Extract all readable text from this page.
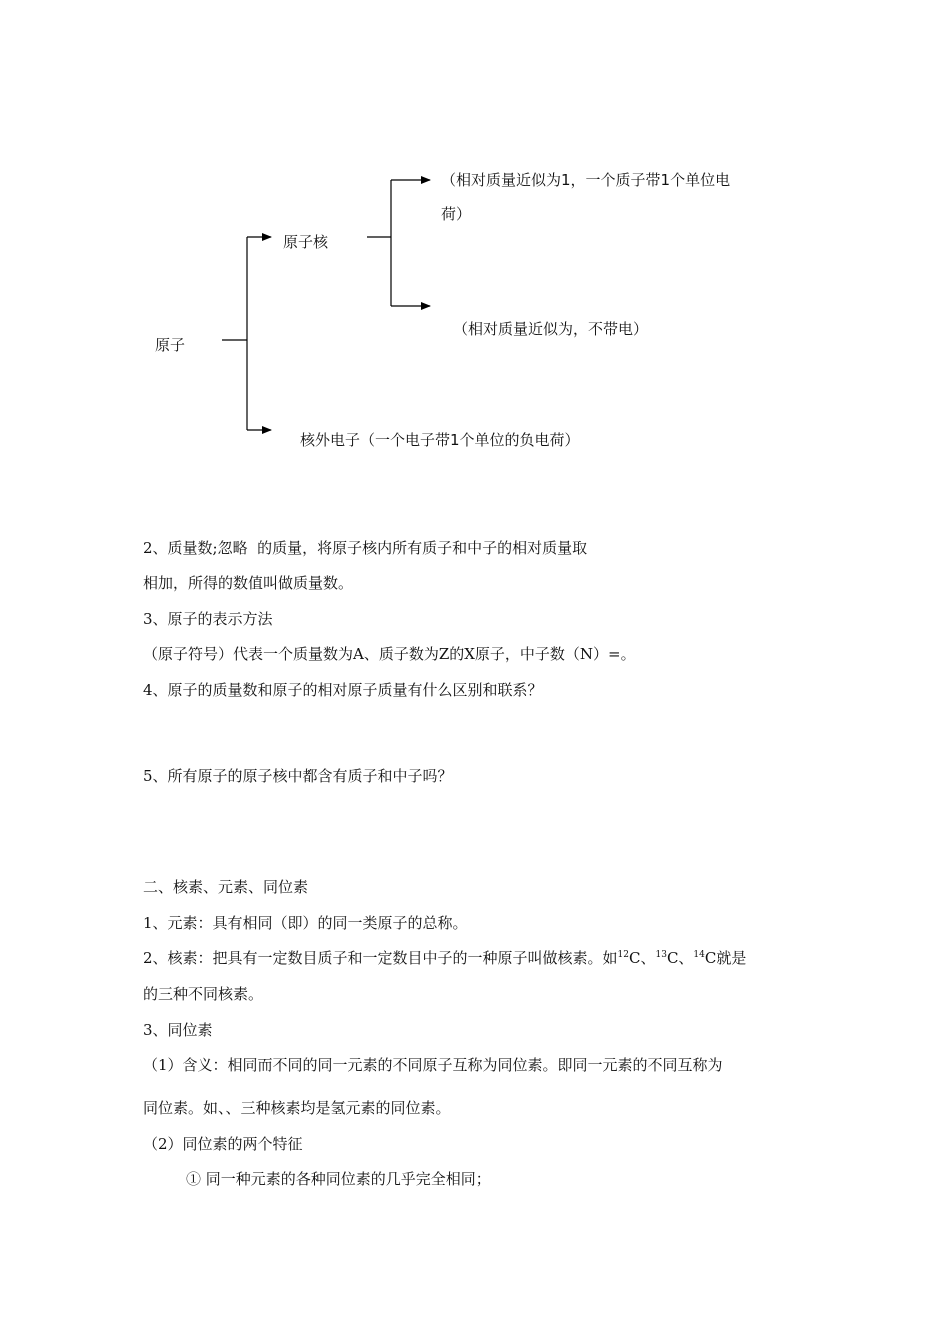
原子
原子核
（相对质量近似为1，一个质子带1个单位电
荷）
（相对质量近似为，不带电）
核外电子（一个电子带1个单位的负电荷）
2、质量数;忽略  的质量，将原子核内所有质子和中子的相对质量取
相加，所得的数值叫做质量数。
3、原子的表示方法
（原子符号）代表一个质量数为A、质子数为Z的X原子，中子数（N）=。
4、原子的质量数和原子的相对原子质量有什么区别和联系？
5、所有原子的原子核中都含有质子和中子吗？
二、核素、元素、同位素
1、元素：具有相同（即）的同一类原子的总称。
2、核素：把具有一定数目质子和一定数目中子的一种原子叫做核素。如$^{12}$C、$^{13}$C、$^{14}$C就是
的三种不同核素。
3、同位素
（1）含义：相同而不同的同一元素的不同原子互称为同位素。即同一元素的不同互称为
同位素。如、、三种核素均是氢元素的同位素。
（2）同位素的两个特征
① 同一种元素的各种同位素的几乎完全相同；
